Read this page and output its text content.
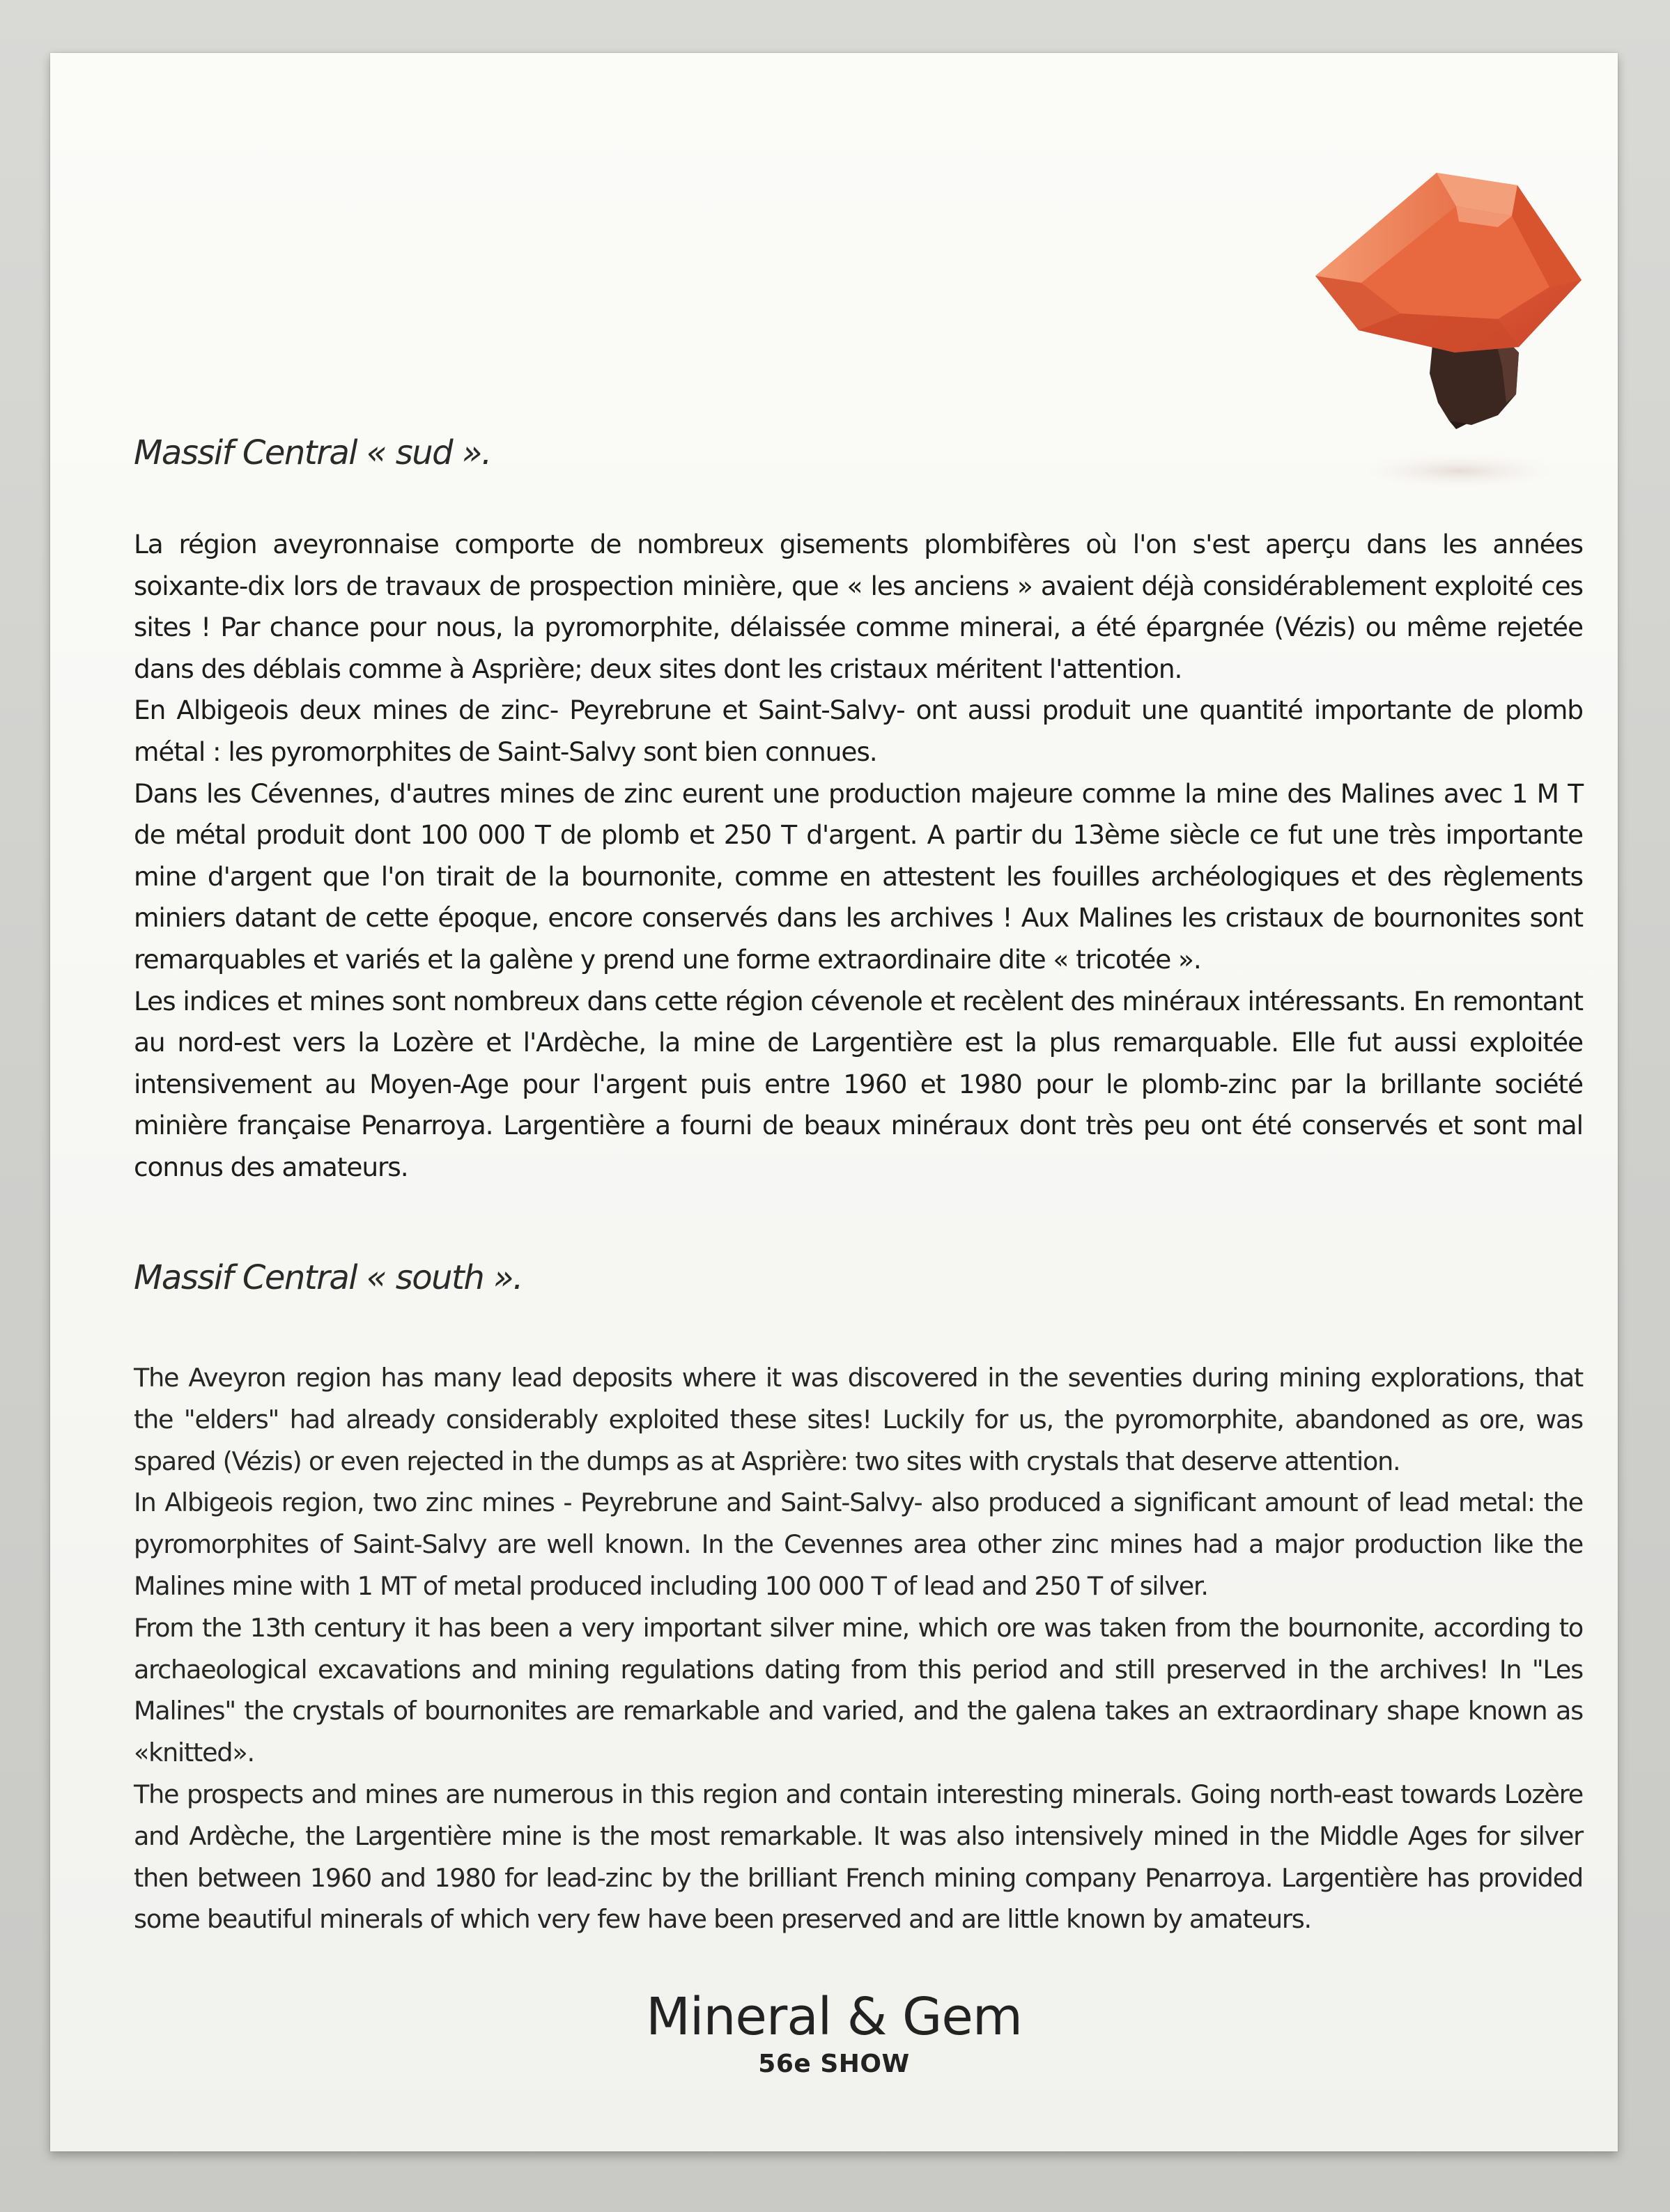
Massif Central « sud ».

La région aveyronnaise comporte de nombreux gisements plombifères où l'on s'est aperçu dans les années soixante-dix lors de travaux de prospection minière, que « les anciens » avaient déjà considérablement exploité ces sites ! Par chance pour nous, la pyromorphite, délaissée comme minerai, a été épargnée (Vézis) ou même rejetée dans des déblais comme à Asprière; deux sites dont les cristaux méritent l'attention.

En Albigeois deux mines de zinc- Peyrebrune et Saint-Salvy- ont aussi produit une quantité importante de plomb métal : les pyromorphites de Saint-Salvy sont bien connues.

Dans les Cévennes, d'autres mines de zinc eurent une production majeure comme la mine des Malines avec 1 M T de métal produit dont 100 000 T de plomb et 250 T d'argent. A partir du 13ème siècle ce fut une très importante mine d'argent que l'on tirait de la bournonite, comme en attestent les fouilles archéologiques et des règlements miniers datant de cette époque, encore conservés dans les archives ! Aux Malines les cristaux de bournonites sont remarquables et variés et la galène y prend une forme extraordinaire dite « tricotée ».

Les indices et mines sont nombreux dans cette région cévenole et recèlent des minéraux intéressants. En remontant au nord-est vers la Lozère et l'Ardèche, la mine de Largentière est la plus remarquable. Elle fut aussi exploitée intensivement au Moyen-Age pour l'argent puis entre 1960 et 1980 pour le plomb-zinc par la brillante société minière française Penarroya. Largentière a fourni de beaux minéraux dont très peu ont été conservés et sont mal connus des amateurs.

Massif Central « south ».

The Aveyron region has many lead deposits where it was discovered in the seventies during mining explorations, that the "elders" had already considerably exploited these sites! Luckily for us, the pyromorphite, abandoned as ore, was spared (Vézis) or even rejected in the dumps as at Asprière: two sites with crystals that deserve attention.

In Albigeois region, two zinc mines - Peyrebrune and Saint-Salvy- also produced a significant amount of lead metal: the pyromorphites of Saint-Salvy are well known. In the Cevennes area other zinc mines had a major production like the Malines mine with 1 MT of metal produced including 100 000 T of lead and 250 T of silver.

From the 13th century it has been a very important silver mine, which ore was taken from the bournonite, according to archaeological excavations and mining regulations dating from this period and still preserved in the archives! In "Les Malines" the crystals of bournonites are remarkable and varied, and the galena takes an extraordinary shape known as «knitted».

The prospects and mines are numerous in this region and contain interesting minerals. Going north-east towards Lozère and Ardèche, the Largentière mine is the most remarkable. It was also intensively mined in the Middle Ages for silver then between 1960 and 1980 for lead-zinc by the brilliant French mining company Penarroya. Largentière has provided some beautiful minerals of which very few have been preserved and are little known by amateurs.

Mineral & Gem
56e SHOW
